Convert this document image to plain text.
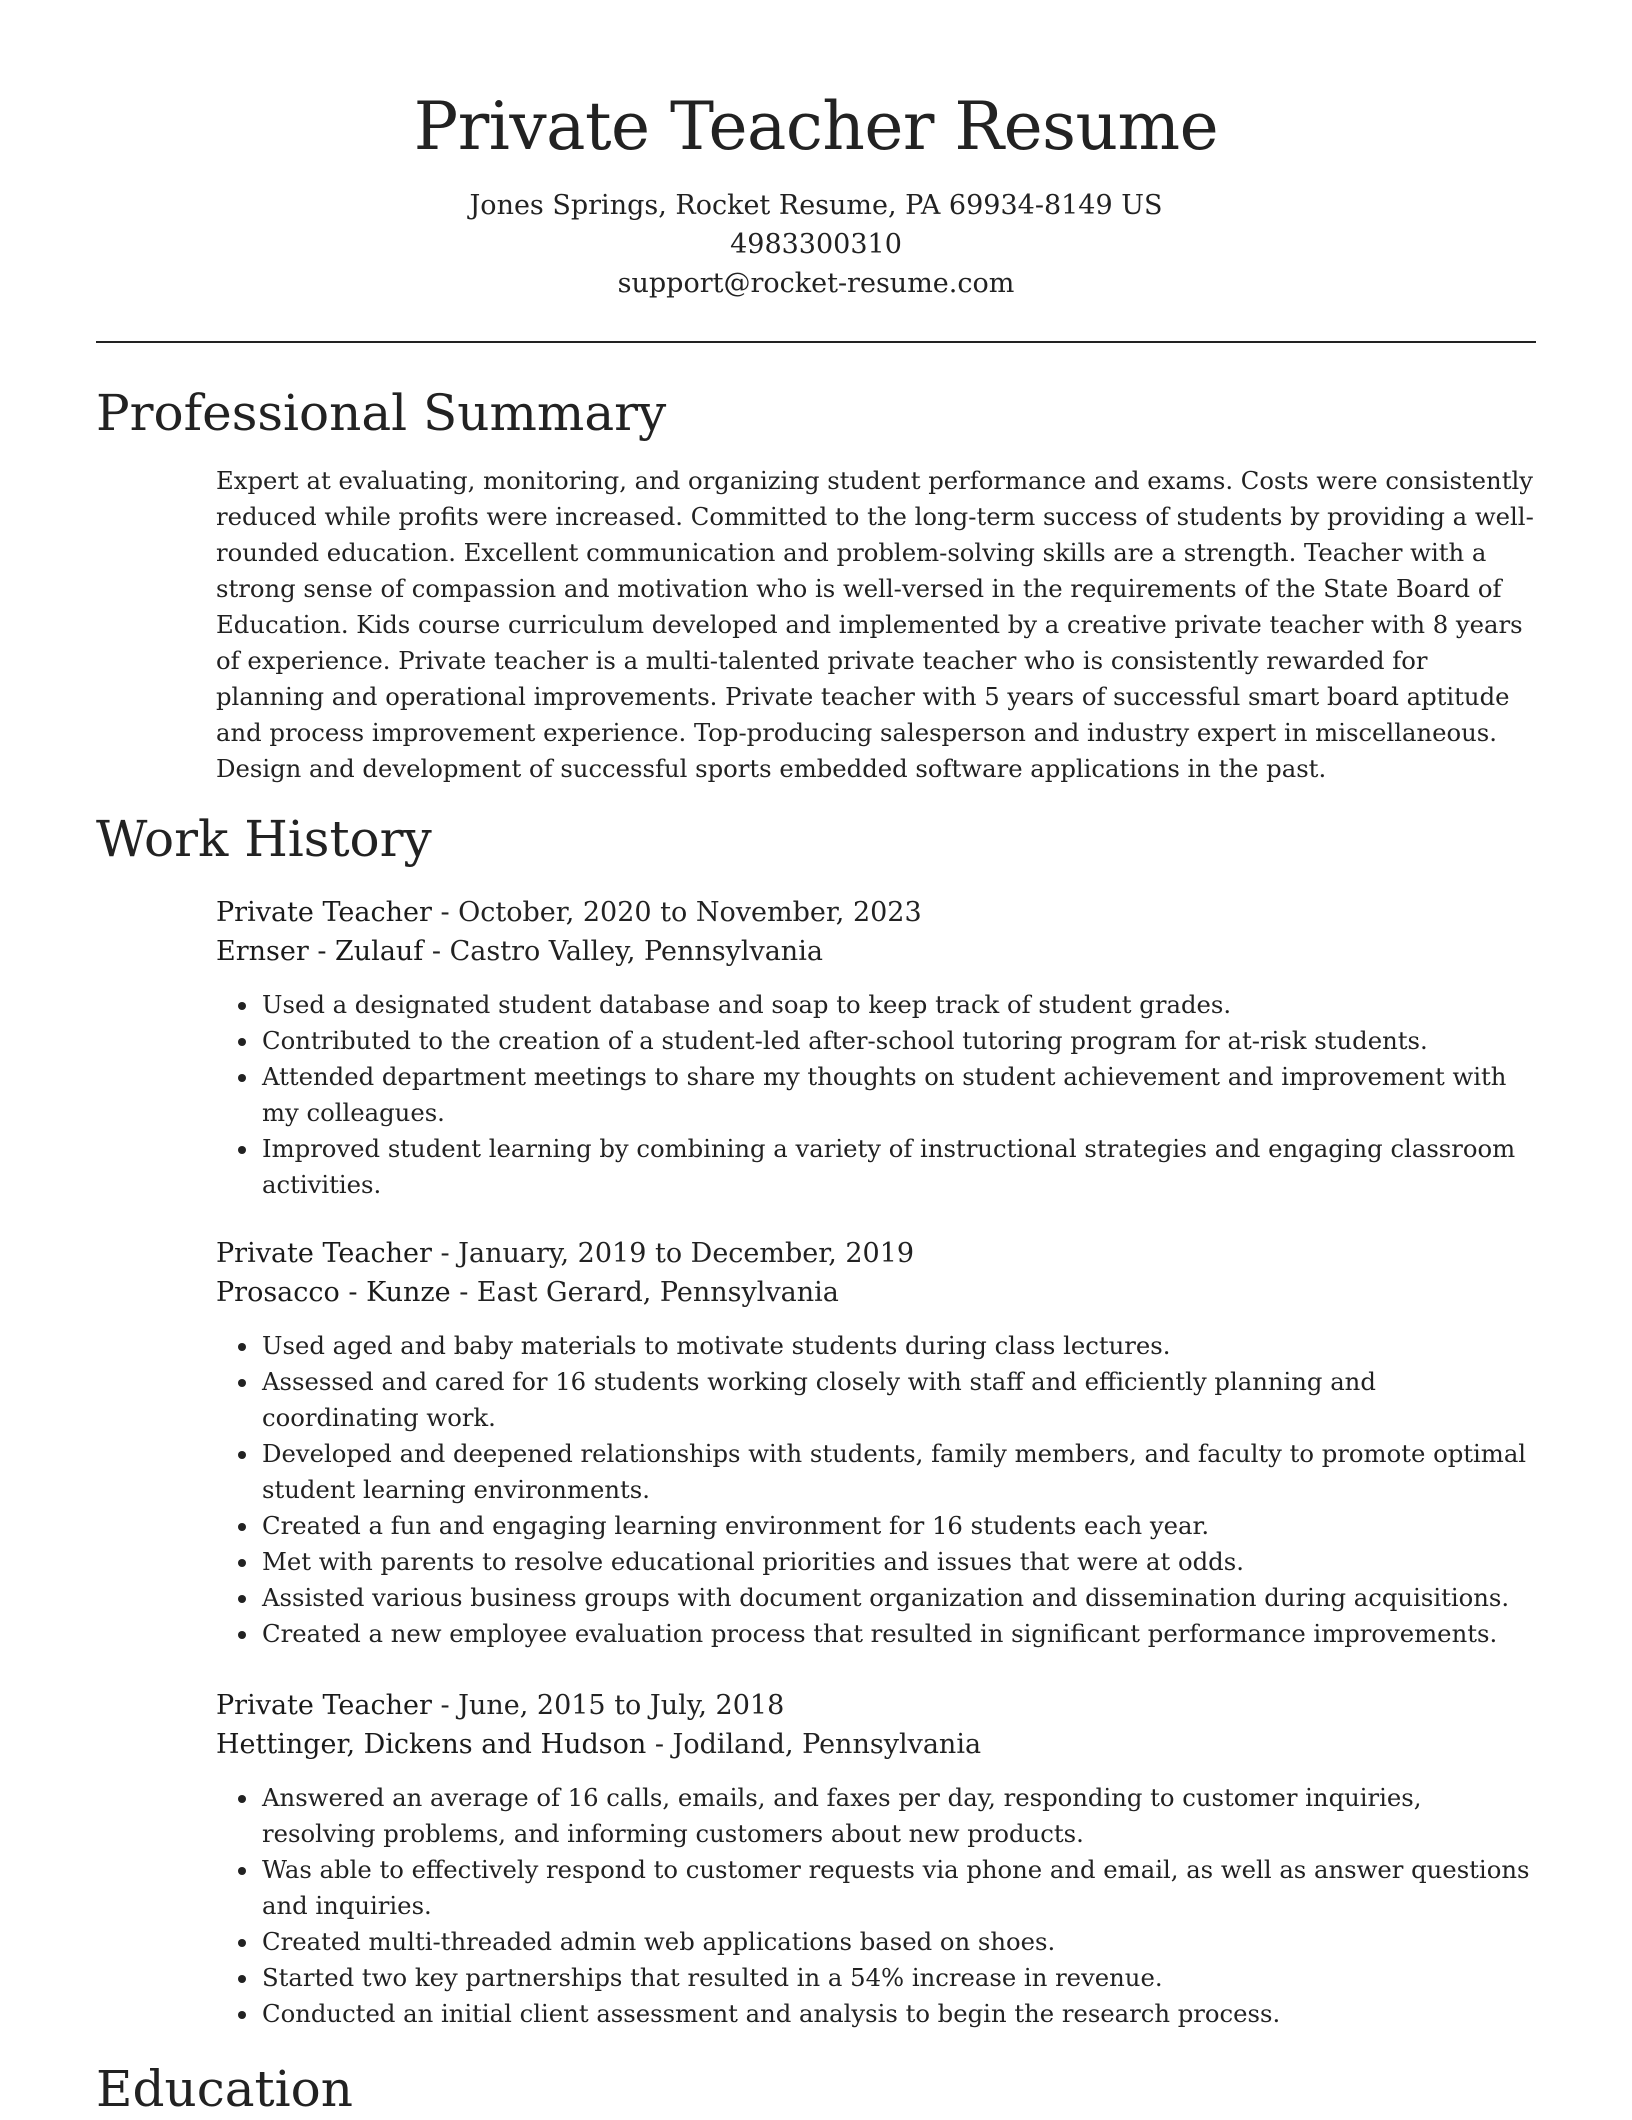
Private Teacher Resume
Jones Springs, Rocket Resume, PA 69934-8149 US
4983300310
support@rocket-resume.com
Professional Summary

Expert at evaluating, monitoring, and organizing student performance and exams. Costs were consistently reduced while profits were increased. Committed to the long-term success of students by providing a well-rounded education. Excellent communication and problem-solving skills are a strength. Teacher with a strong sense of compassion and motivation who is well-versed in the requirements of the State Board of Education. Kids course curriculum developed and implemented by a creative private teacher with 8 years of experience. Private teacher is a multi-talented private teacher who is consistently rewarded for planning and operational improvements. Private teacher with 5 years of successful smart board aptitude and process improvement experience. Top-producing salesperson and industry expert in miscellaneous. Design and development of successful sports embedded software applications in the past.

Work History
Private Teacher - October, 2020 to November, 2023
Ernser - Zulauf - Castro Valley, Pennsylvania
• Used a designated student database and soap to keep track of student grades.
• Contributed to the creation of a student-led after-school tutoring program for at-risk students.
• Attended department meetings to share my thoughts on student achievement and improvement with my colleagues.
• Improved student learning by combining a variety of instructional strategies and engaging classroom activities.
Private Teacher - January, 2019 to December, 2019
Prosacco - Kunze - East Gerard, Pennsylvania
• Used aged and baby materials to motivate students during class lectures.
• Assessed and cared for 16 students working closely with staff and efficiently planning and coordinating work.
• Developed and deepened relationships with students, family members, and faculty to promote optimal student learning environments.
• Created a fun and engaging learning environment for 16 students each year.
• Met with parents to resolve educational priorities and issues that were at odds.
• Assisted various business groups with document organization and dissemination during acquisitions.
• Created a new employee evaluation process that resulted in significant performance improvements.
Private Teacher - June, 2015 to July, 2018
Hettinger, Dickens and Hudson - Jodiland, Pennsylvania
• Answered an average of 16 calls, emails, and faxes per day, responding to customer inquiries, resolving problems, and informing customers about new products.
• Was able to effectively respond to customer requests via phone and email, as well as answer questions and inquiries.
• Created multi-threaded admin web applications based on shoes.
• Started two key partnerships that resulted in a 54% increase in revenue.
• Conducted an initial client assessment and analysis to begin the research process.
Education
